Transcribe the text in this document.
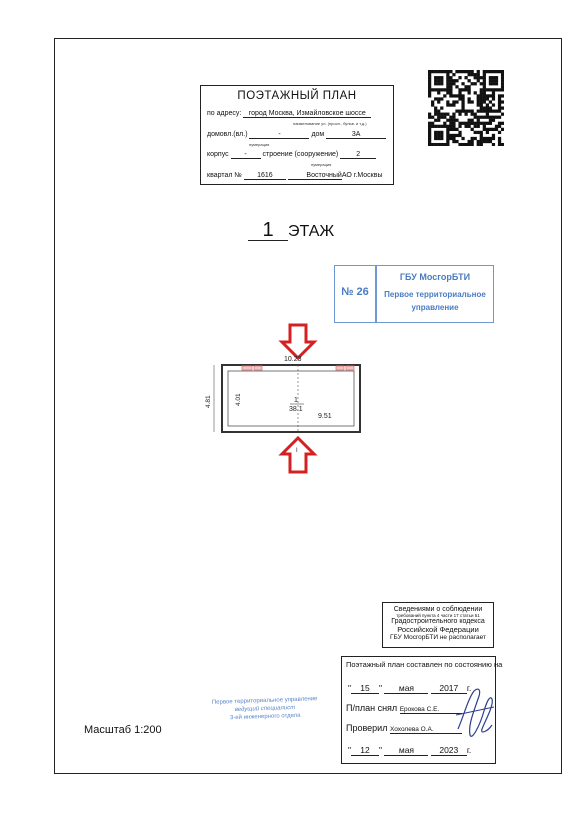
ПОЭТАЖНЫЙ ПЛАН
по адресу: город Москва, Измайловское шоссе
наименование ул. (просп., бульв. и т.д.)
домовл.(вл.)	-	дом	3А
нумерация
корпус - строение (сооружение)	2
нумерация
квартал № 1616	ВосточныйАО г.Москвы
1 ЭТАЖ
№ 26
ГБУ МосгорБТИ
Первое территориальное
управление
10.23
4.81	4.01	1
38.1
9.51
I
Сведениями о соблюдении
требований пункта 4 части 17 статьи 51
Градостроительного кодекса
Российской Федерации
ГБУ МосгорБТИ не располагает
Первое территориальное управление
ведущий специалист
3-ей инженерного отдела
Масштаб 1:200
Поэтажный план составлен по состоянию на
" 15 " мая	2017 г.
П/план снял Ерокова С.Е.
Проверил Хохолева О.А.
" 12 " мая	2023 г.
